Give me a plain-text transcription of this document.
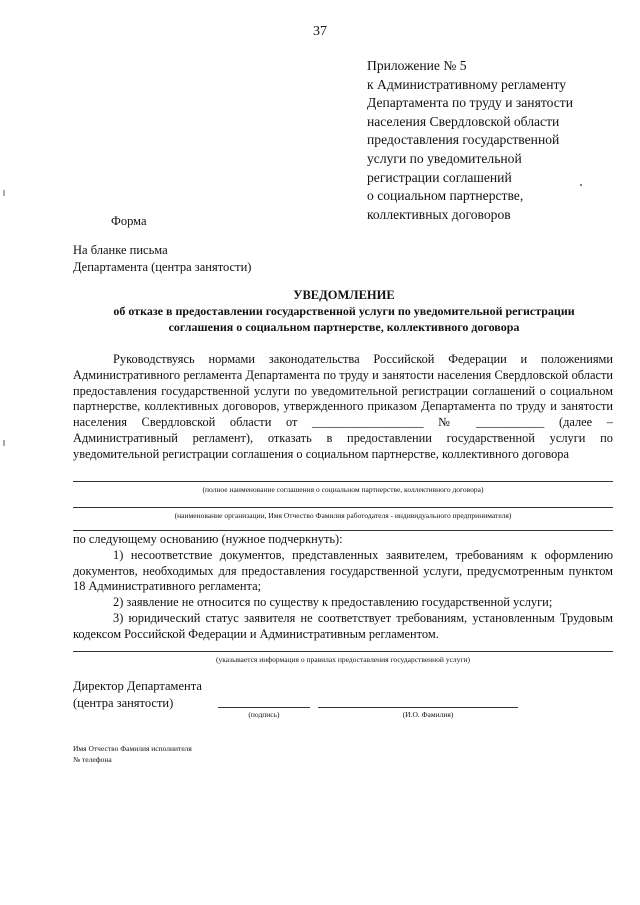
37
Приложение № 5
к Административному регламенту
Департамента по труду и занятости
населения Свердловской области
предоставления государственной
услуги по уведомительной
регистрации соглашений
о социальном партнерстве,
коллективных договоров
Форма
На бланке письма
Департамента (центра занятости)
УВЕДОМЛЕНИЕ
об отказе в предоставлении государственной услуги по уведомительной регистрации
соглашения о социальном партнерстве, коллективного договора
Руководствуясь нормами законодательства Российской Федерации и положениями Административного регламента Департамента по труду и занятости населения Свердловской области предоставления государственной услуги по уведомительной регистрации соглашений о социальном партнерстве, коллективных договоров, утвержденного приказом Департамента по труду и занятости населения Свердловской области от __________________ № ___________ (далее – Административный регламент), отказать в предоставлении государственной услуги по уведомительной регистрации соглашения о социальном партнерстве, коллективного договора
(полное наименование соглашения о социальном партнерстве, коллективного договора)
(наименование организации, Имя Отчество Фамилия работодателя - индивидуального предпринимателя)

по следующему основанию (нужное подчеркнуть):

1) несоответствие документов, представленных заявителем, требованиям к оформлению документов, необходимых для предоставления государственной услуги, предусмотренным пунктом 18 Административного регламента;

2) заявление не относится по существу к предоставлению государственной услуги;

3) юридический статус заявителя не соответствует требованиям, установленным Трудовым кодексом Российской Федерации и Административным регламентом.

(указывается информация о правилах предоставления государственной услуги)
Директор Департамента
(центра занятости)
(подпись)	(И.О. Фамилия)
Имя Отчество Фамилия исполнителя
№ телефона
